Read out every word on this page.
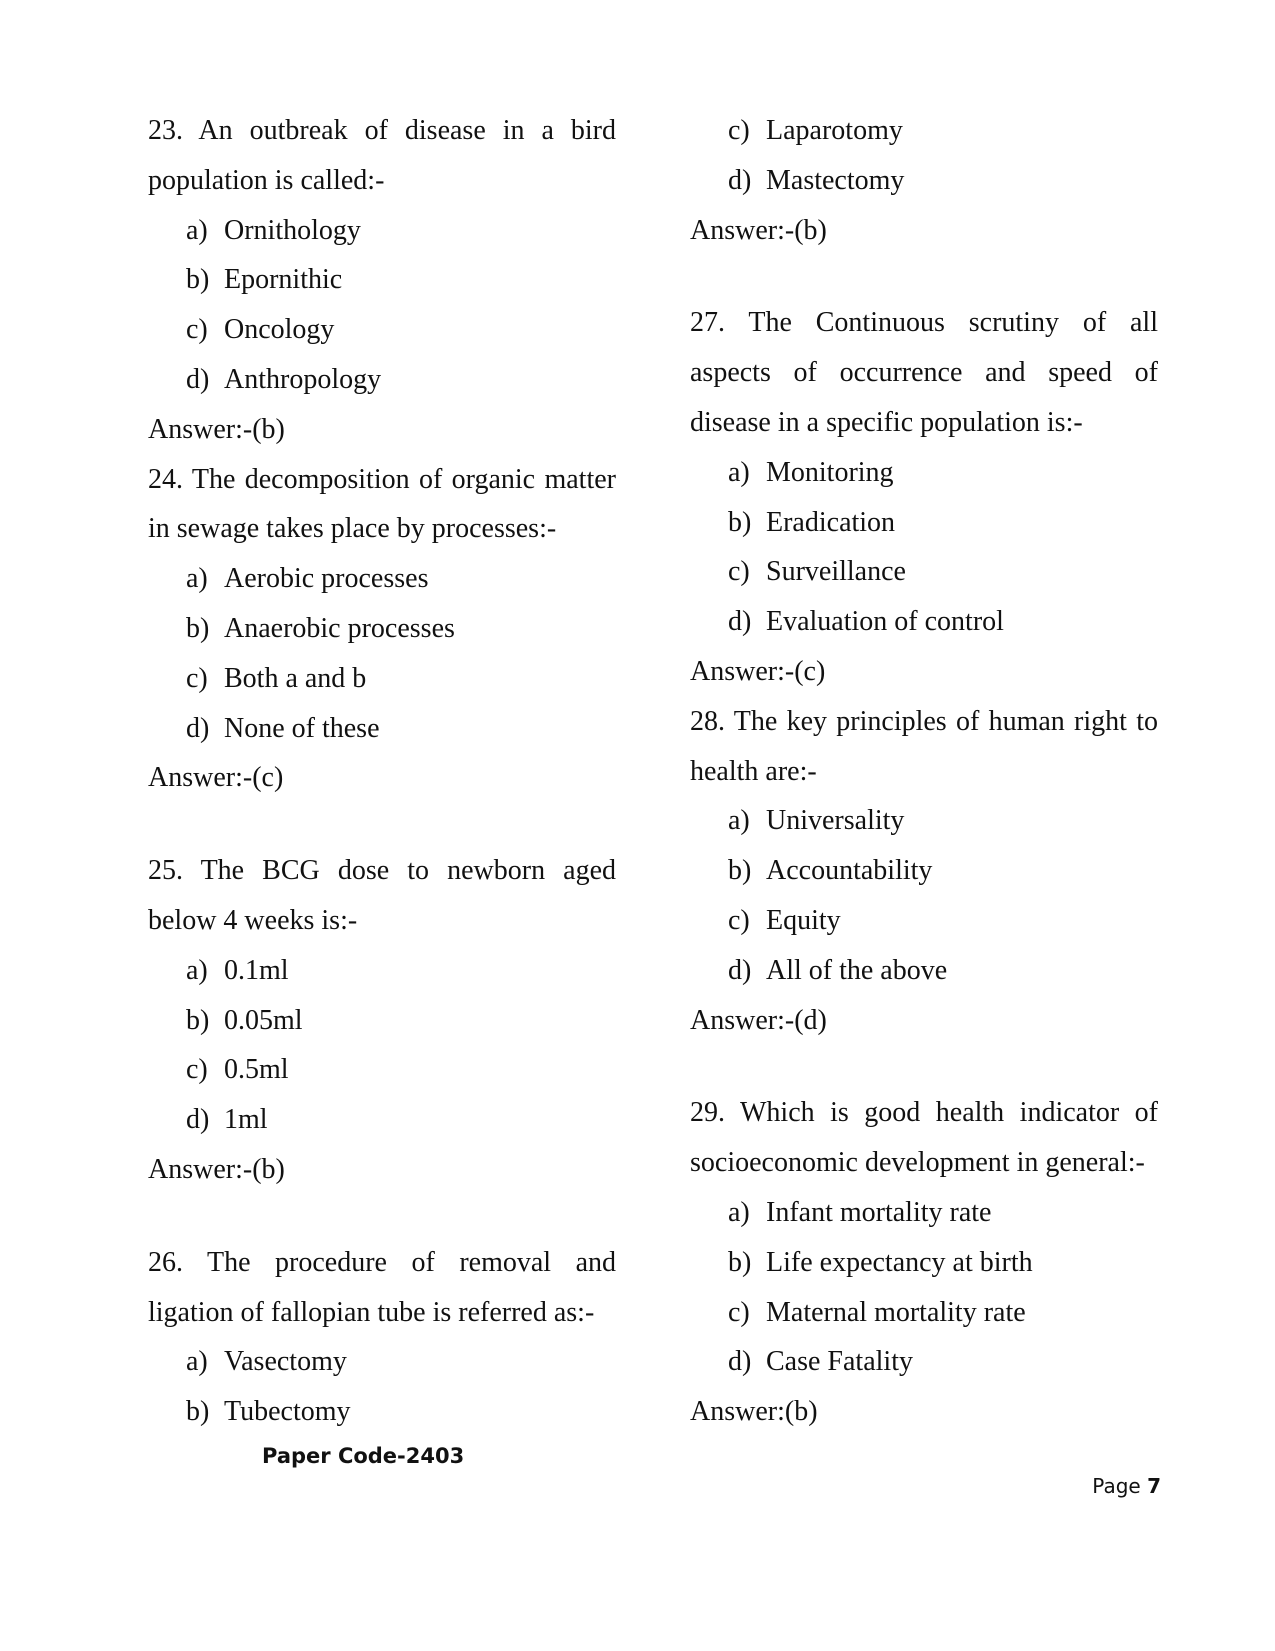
23. An outbreak of disease in a bird population is called:-
a) Ornithology
b) Epornithic
c) Oncology
d) Anthropology
Answer:-(b)
24. The decomposition of organic matter in sewage takes place by processes:-
a) Aerobic processes
b) Anaerobic processes
c) Both a and b
d) None of these
Answer:-(c)
25. The BCG dose to newborn aged below 4 weeks is:-
a) 0.1ml
b) 0.05ml
c) 0.5ml
d) 1ml
Answer:-(b)
26. The procedure of removal and ligation of fallopian tube is referred as:-
a) Vasectomy
b) Tubectomy
c) Laparotomy
d) Mastectomy
Answer:-(b)
27. The Continuous scrutiny of all aspects of occurrence and speed of disease in a specific population is:-
a) Monitoring
b) Eradication
c) Surveillance
d) Evaluation of control
Answer:-(c)
28. The key principles of human right to health are:-
a) Universality
b) Accountability
c) Equity
d) All of the above
Answer:-(d)
29. Which is good health indicator of socioeconomic development in general:-
a) Infant mortality rate
b) Life expectancy at birth
c) Maternal mortality rate
d) Case Fatality
Answer:(b)
Paper Code-2403
Page 7
